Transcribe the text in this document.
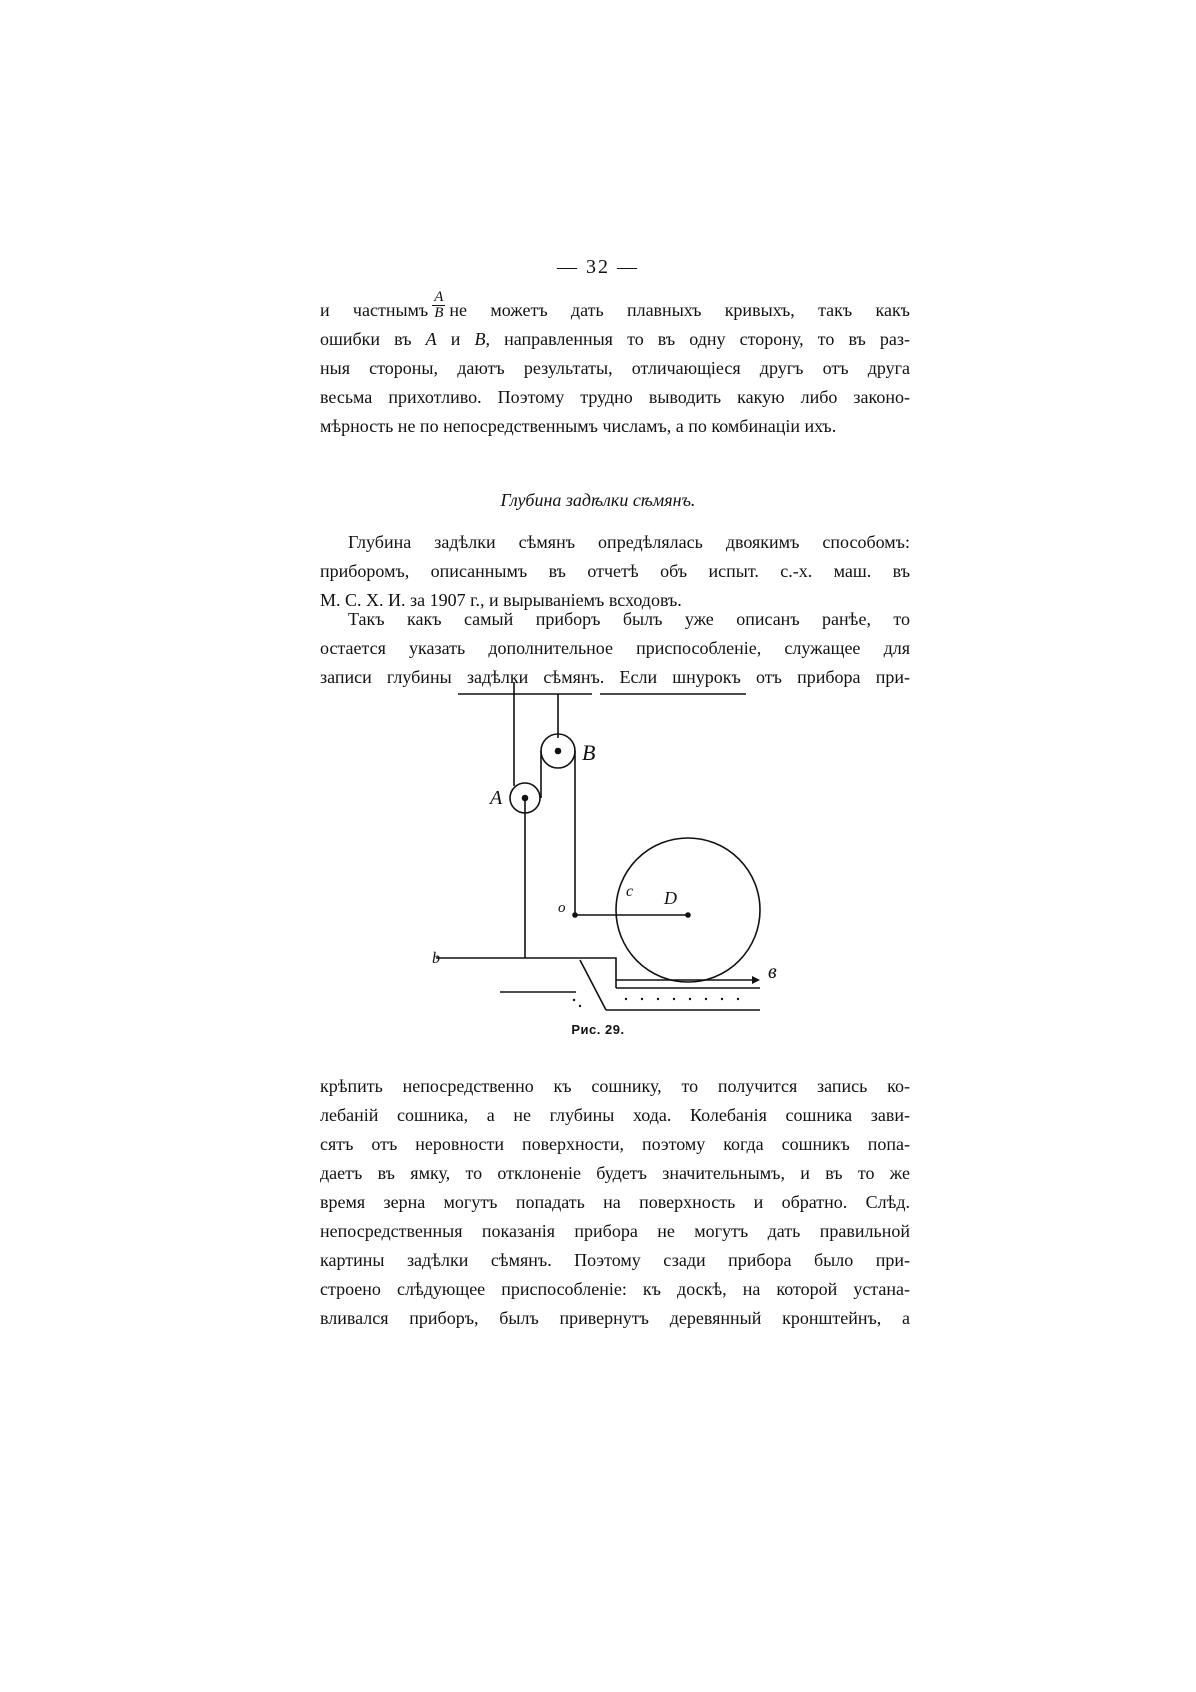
— 32 —
и частнымъ $\frac{A}{B}$ не можетъ дать плавныхъ кривыхъ, такъ какъ
ошибки въ A и B, направленныя то въ одну сторону, то въ раз-
ныя стороны, даютъ результаты, отличающіеся другъ отъ друга
весьма прихотливо. Поэтому трудно выводить какую либо законо-
мѣрность не по непосредственнымъ числамъ, а по комбинаціи ихъ.
Глубина задѣлки сѣмянъ.
Глубина задѣлки сѣмянъ опредѣлялась двоякимъ способомъ:
приборомъ, описаннымъ въ отчетѣ объ испыт. с.-х. маш. въ
М. С. Х. И. за 1907 г., и вырываніемъ всходовъ.
Такъ какъ самый приборъ былъ уже описанъ ранѣе, то
остается указать дополнительное приспособленіе, служащее для
записи глубины задѣлки сѣмянъ. Если шнурокъ отъ прибора при-
b
A
B
c D
o
в
Рис. 29.
крѣпить непосредственно къ сошнику, то получится запись ко-
лебаній сошника, а не глубины хода. Колебанія сошника зави-
сятъ отъ неровности поверхности, поэтому когда сошникъ попа-
даетъ въ ямку, то отклоненіе будетъ значительнымъ, и въ то же
время зерна могутъ попадать на поверхность и обратно. Слѣд.
непосредственныя показанія прибора не могутъ дать правильной
картины задѣлки сѣмянъ. Поэтому сзади прибора было при-
строено слѣдующее приспособленіе: къ доскѣ, на которой устана-
вливался приборъ, былъ привернутъ деревянный кронштейнъ, а
